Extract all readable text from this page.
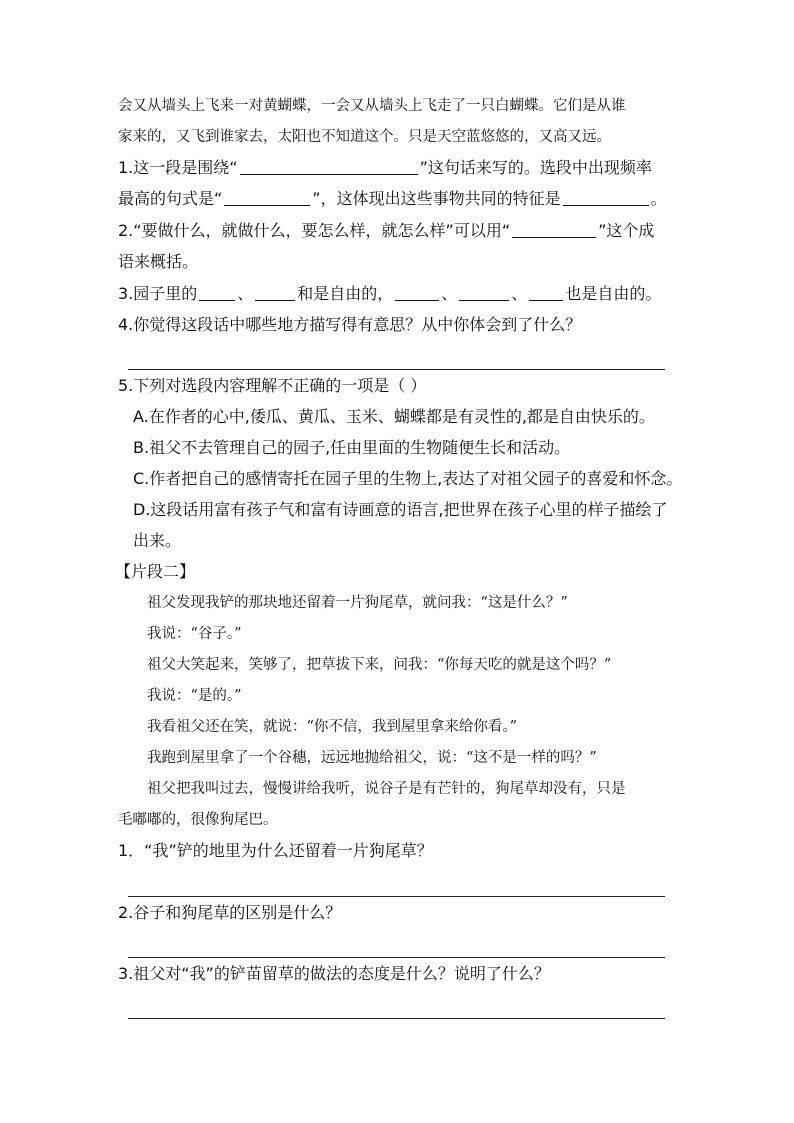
会又从墙头上飞来一对黄蝴蝶，一会又从墙头上飞走了一只白蝴蝶。它们是从谁
家来的，又飞到谁家去，太阳也不知道这个。只是天空蓝悠悠的，又高又远。
1.这一段是围绕“	”这句话来写的。选段中出现频率
最高的句式是“	”，这体现出这些事物共同的特征是	。
2.“要做什么，就做什么，要怎么样，就怎么样”可以用“	”这个成
语来概括。
3.园子里的	、	和是自由的，	、	、 也是自由的。
4.你觉得这段话中哪些地方描写得有意思？从中你体会到了什么？
5.下列对选段内容理解不正确的一项是（ ）
A.在作者的心中,倭瓜、黄瓜、玉米、蝴蝶都是有灵性的,都是自由快乐的。
B.祖父不去管理自己的园子,任由里面的生物随便生长和活动。
C.作者把自己的感情寄托在园子里的生物上,表达了对祖父园子的喜爱和怀念。
D.这段话用富有孩子气和富有诗画意的语言,把世界在孩子心里的样子描绘了
出来。
【片段二】
祖父发现我铲的那块地还留着一片狗尾草，就问我：“这是什么？”
我说：“谷子。”
祖父大笑起来，笑够了，把草拔下来，问我：“你每天吃的就是这个吗？”
我说：“是的。”
我看祖父还在笑，就说：“你不信，我到屋里拿来给你看。”
我跑到屋里拿了一个谷穗，远远地抛给祖父，说：“这不是一样的吗？”
祖父把我叫过去，慢慢讲给我听，说谷子是有芒针的，狗尾草却没有，只是
毛嘟嘟的，很像狗尾巴。
1．“我”铲的地里为什么还留着一片狗尾草？
2.谷子和狗尾草的区别是什么？
3.祖父对“我”的铲苗留草的做法的态度是什么？说明了什么？
